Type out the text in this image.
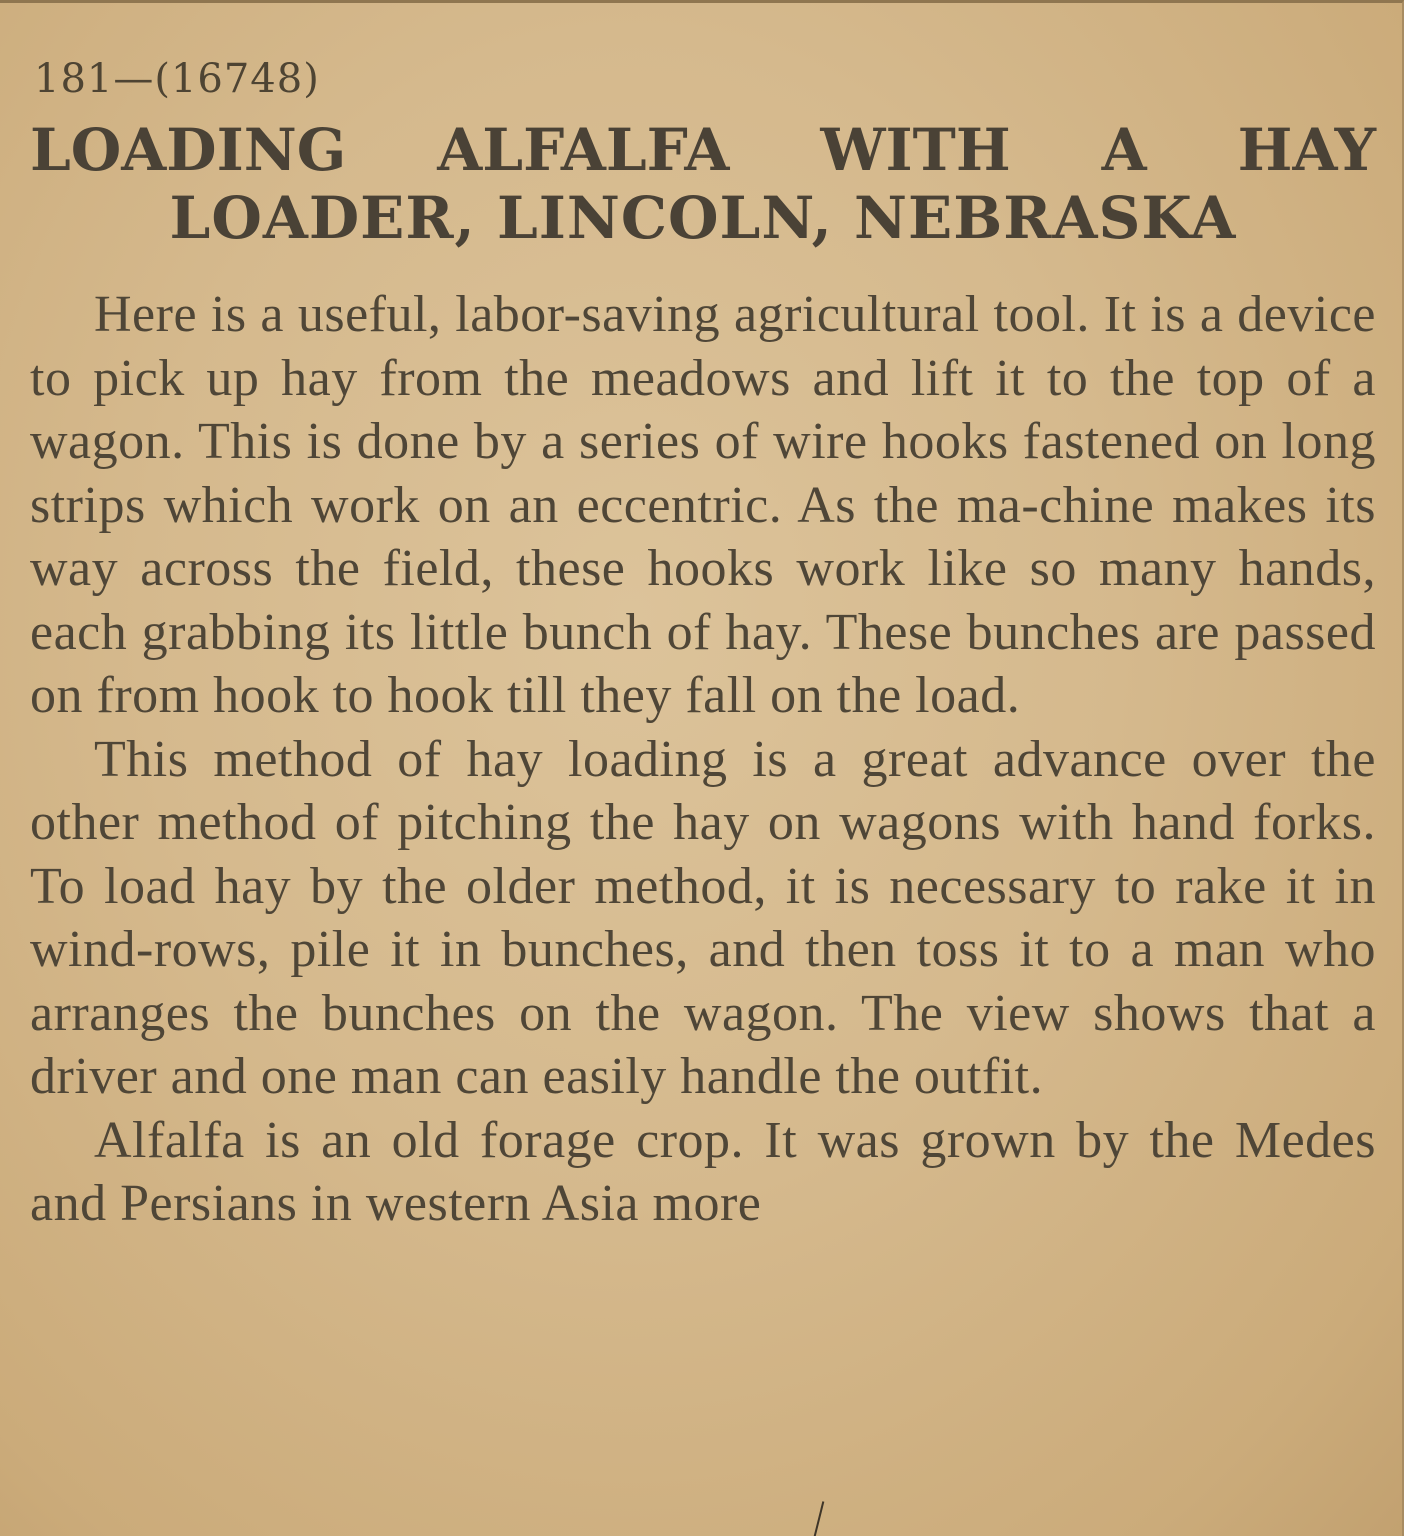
181—(16748)
LOADING ALFALFA WITH A HAY
LOADER, LINCOLN, NEBRASKA

Here is a useful, labor-saving agricultural tool. It is a device to pick up hay from the meadows and lift it to the top of a wagon. This is done by a series of wire hooks fastened on long strips which work on an eccentric. As the ma-chine makes its way across the field, these hooks work like so many hands, each grabbing its little bunch of hay. These bunches are passed on from hook to hook till they fall on the load.

This method of hay loading is a great advance over the other method of pitching the hay on wagons with hand forks. To load hay by the older method, it is necessary to rake it in wind-rows, pile it in bunches, and then toss it to a man who arranges the bunches on the wagon. The view shows that a driver and one man can easily handle the outfit.

Alfalfa is an old forage crop. It was grown by the Medes and Persians in western Asia more
